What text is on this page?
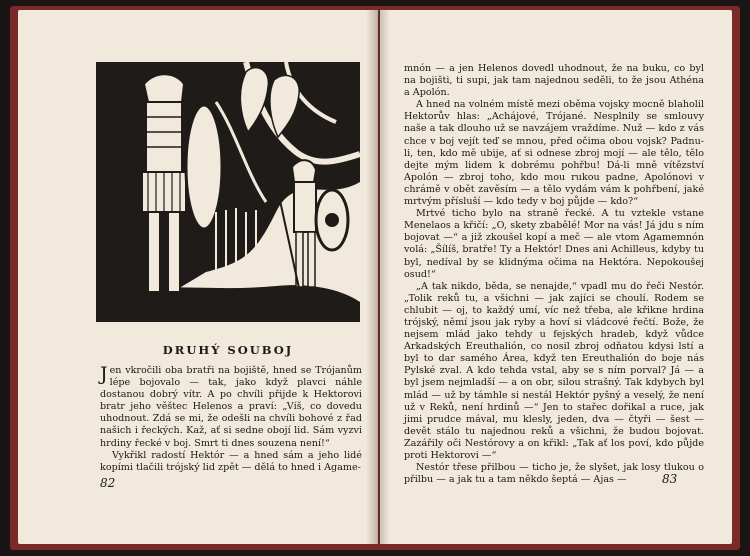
DRUHÝ SOUBOJ

Jen vkročili oba bratři na bojiště, hned se Trójanům lépe bojovalo — tak, jako když plavci náhle dostanou dobrý vítr. A po chvíli přijde k Hektorovi bratr jeho věštec Helenos a praví: „Víš, co dovedu uhodnout. Zdá se mi, že odešli na chvíli bohové z řad našich i řeckých. Kaž, ať si sedne obojí lid. Sám vyzvi hrdiny řecké v boj. Smrt ti dnes souzena není!“

Vykřikl radostí Hektór — a hned sám a jeho lidé kopími tlačili trójský lid zpět — dělá to hned i Agame-

82

mnón — a jen Helenos dovedl uhodnout, že na buku, co byl na bojišti, ti supi, jak tam najednou seděli, to že jsou Athéna a Apolón.

A hned na volném místě mezi oběma vojsky mocně blaholil Hektorův hlas: „Achájové, Trójané. Nesplnily se smlouvy naše a tak dlouho už se navzájem vraždíme. Nuž — kdo z vás chce v boj vejít teď se mnou, před očima obou vojsk? Padnu-li, ten, kdo mě ubije, ať si odnese zbroj mojí — ale tělo, tělo dejte mým lidem k dobrému pohřbu! Dá-li mně vítězství Apolón — zbroj toho, kdo mou rukou padne, Apolónovi v chrámě v obět zavěsím — a tělo vydám vám k pohřbení, jaké mrtvým přísluší — kdo tedy v boj půjde — kdo?“

Mrtvé ticho bylo na straně řecké. A tu vztekle vstane Menelaos a křičí: „O, skety zbabělé! Mor na vás! Já jdu s ním bojovat —“ a již zkoušel kopí a meč — ale vtom Agamemnón volá: „Šílíš, bratře! Ty a Hektór! Dnes ani Achilleus, kdyby tu byl, nedíval by se klidnýma očima na Hektóra. Nepokoušej osud!“

„A tak nikdo, běda, se nenajde,“ vpadl mu do řeči Nestór. „Tolik reků tu, a všichni — jak zajíci se choulí. Rodem se chlubit — oj, to každý umí, víc než třeba, ale křikne hrdina trójský, němí jsou jak ryby a hoví si vládcové řečtí. Bože, že nejsem mlád jako tehdy u fejských hradeb, když vůdce Arkadských Ereuthalión, co nosil zbroj odňatou kdysi lstí a byl to dar samého Área, když ten Ereuthalión do boje nás Pylské zval. A kdo tehda vstal, aby se s ním porval? Já — a byl jsem nejmladší — a on obr, silou strašný. Tak kdybych byl mlád — už by támhle si nestál Hektór pyšný a veselý, že není už v Reků, není hrdinů —“ Jen to stařec dořikal a ruce, jak jimi prudce mával, mu klesly, jeden, dva — čtyři — šest — devět stálo tu najednou reků a všichni, že budou bojovat. Zazářily oči Nestórovy a on křikl: „Tak ať los poví, kdo půjde proti Hektorovi —“

Nestór třese přilbou — ticho je, že slyšet, jak losy tlukou o přilbu — a jak tu a tam někdo šeptá — Ajas —	83
